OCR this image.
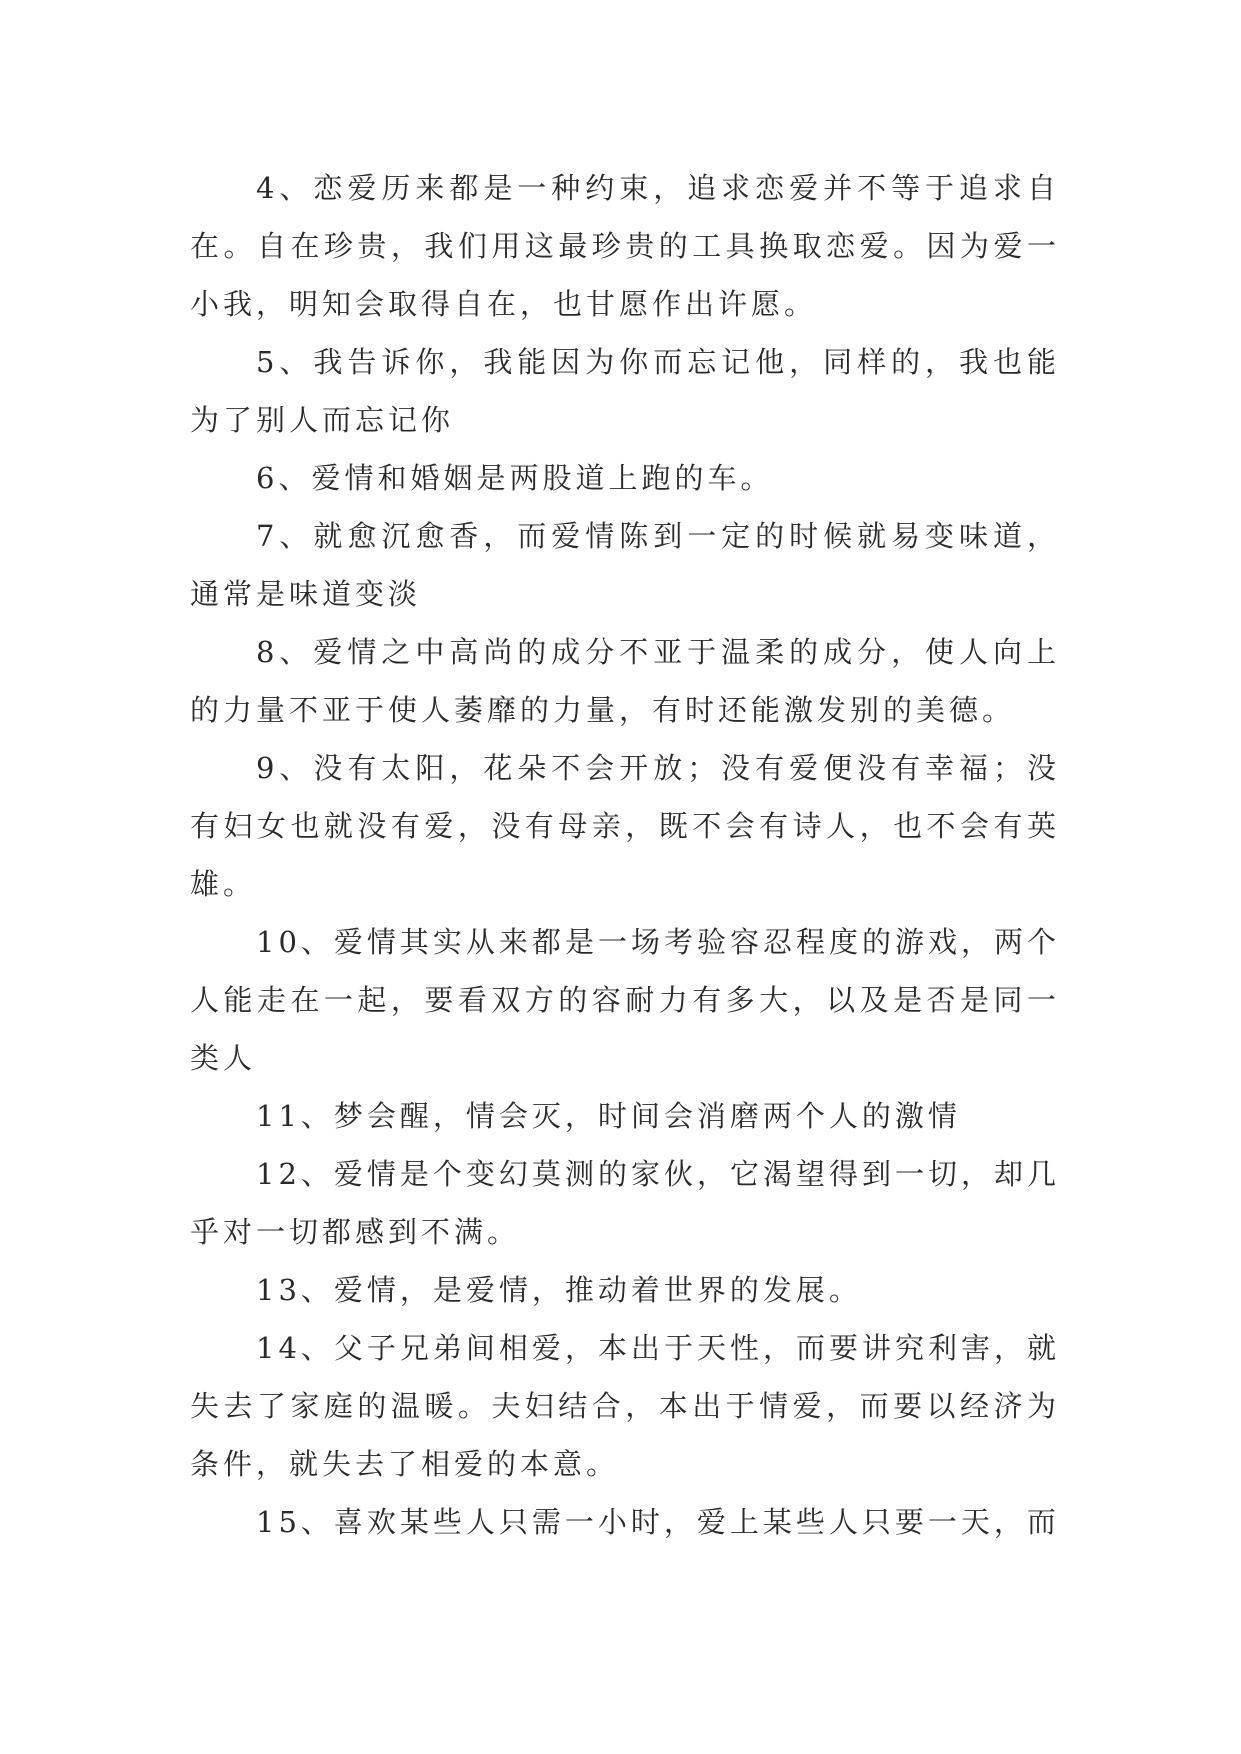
4、恋爱历来都是一种约束，追求恋爱并不等于追求自在。自在珍贵，我们用这最珍贵的工具换取恋爱。因为爱一小我，明知会取得自在，也甘愿作出许愿。

5、我告诉你，我能因为你而忘记他，同样的，我也能为了别人而忘记你

6、爱情和婚姻是两股道上跑的车。

7、就愈沉愈香，而爱情陈到一定的时候就易变味道，通常是味道变淡

8、爱情之中高尚的成分不亚于温柔的成分，使人向上的力量不亚于使人萎靡的力量，有时还能激发别的美德。

9、没有太阳，花朵不会开放；没有爱便没有幸福；没有妇女也就没有爱，没有母亲，既不会有诗人，也不会有英雄。

10、爱情其实从来都是一场考验容忍程度的游戏，两个人能走在一起，要看双方的容耐力有多大，以及是否是同一类人

11、梦会醒，情会灭，时间会消磨两个人的激情

12、爱情是个变幻莫测的家伙，它渴望得到一切，却几乎对一切都感到不满。

13、爱情，是爱情，推动着世界的发展。

14、父子兄弟间相爱，本出于天性，而要讲究利害，就失去了家庭的温暖。夫妇结合，本出于情爱，而要以经济为条件，就失去了相爱的本意。

15、喜欢某些人只需一小时，爱上某些人只要一天，而
